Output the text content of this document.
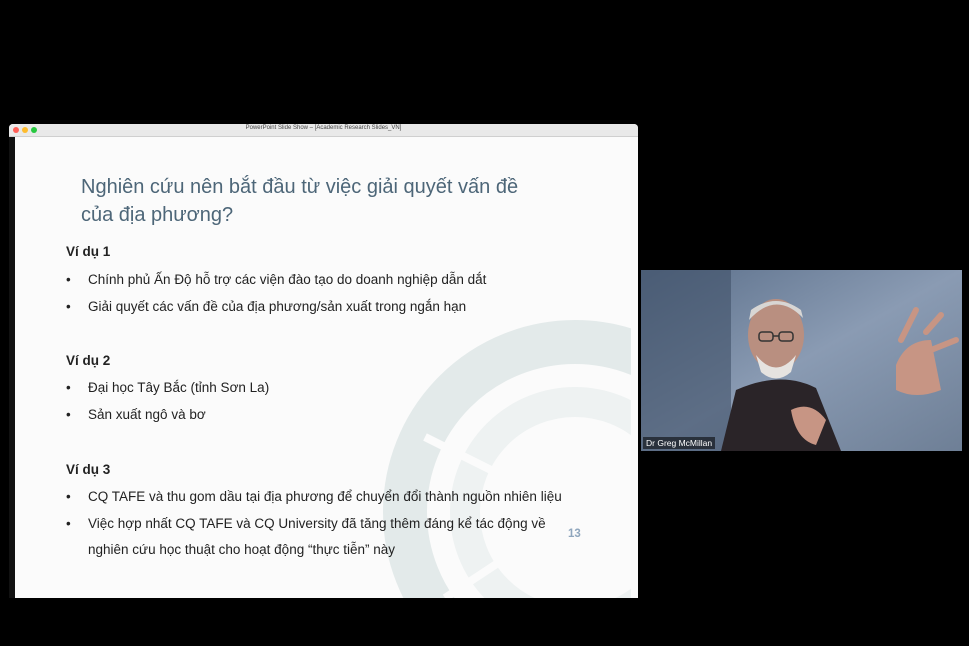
PowerPoint Slide Show – [Academic Research Slides_VN]
Nghiên cứu nên bắt đầu từ việc giải quyết vấn đề
của địa phương?
Ví dụ 1
• Chính phủ Ấn Độ hỗ trợ các viện đào tạo do doanh nghiệp dẫn dắt
• Giải quyết các vấn đề của địa phương/sản xuất trong ngắn hạn
Ví dụ 2
• Đại học Tây Bắc (tỉnh Sơn La)
• Sản xuất ngô và bơ
Ví dụ 3
• CQ TAFE và thu gom dầu tại địa phương để chuyển đổi thành nguồn nhiên liệu
•	Việc hợp nhất CQ TAFE và CQ University đã tăng thêm đáng kể tác động về nghiên cứu học thuật cho hoạt động “thực tiễn” này
13
Dr Greg McMillan
